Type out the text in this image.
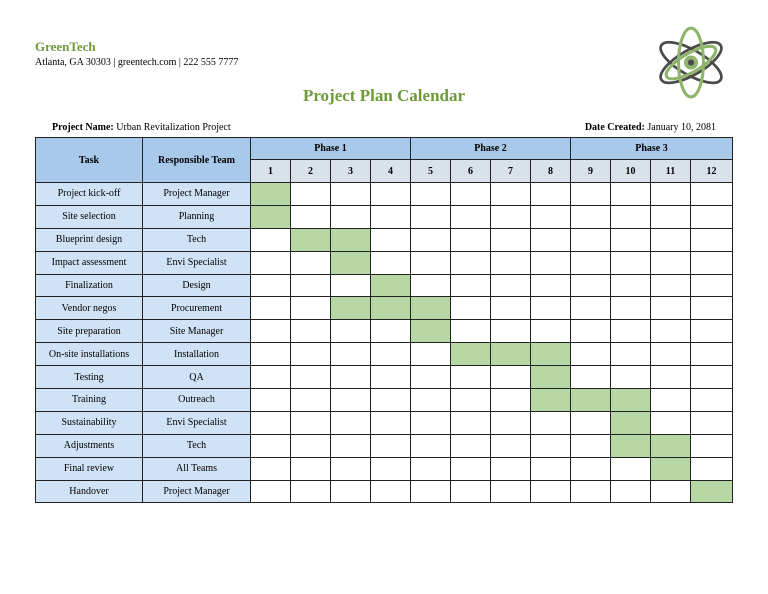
GreenTech
Atlanta, GA 30303 | greentech.com | 222 555 7777
Project Plan Calendar
Project Name: Urban Revitalization Project	Date Created: January 10, 2081
Task	Responsible Team	Phase 1				Phase 2				Phase 3			
		1	2	3	4	5	6	7	8	9	10	11	12
Project kick-off	Project Manager												
Site selection	Planning												
Blueprint design	Tech												
Impact assessment	Envi Specialist												
Finalization	Design												
Vendor negos	Procurement												
Site preparation	Site Manager												
On-site installations	Installation												
Testing	QA												
Training	Outreach												
Sustainability	Envi Specialist												
Adjustments	Tech												
Final review	All Teams												
Handover	Project Manager												
